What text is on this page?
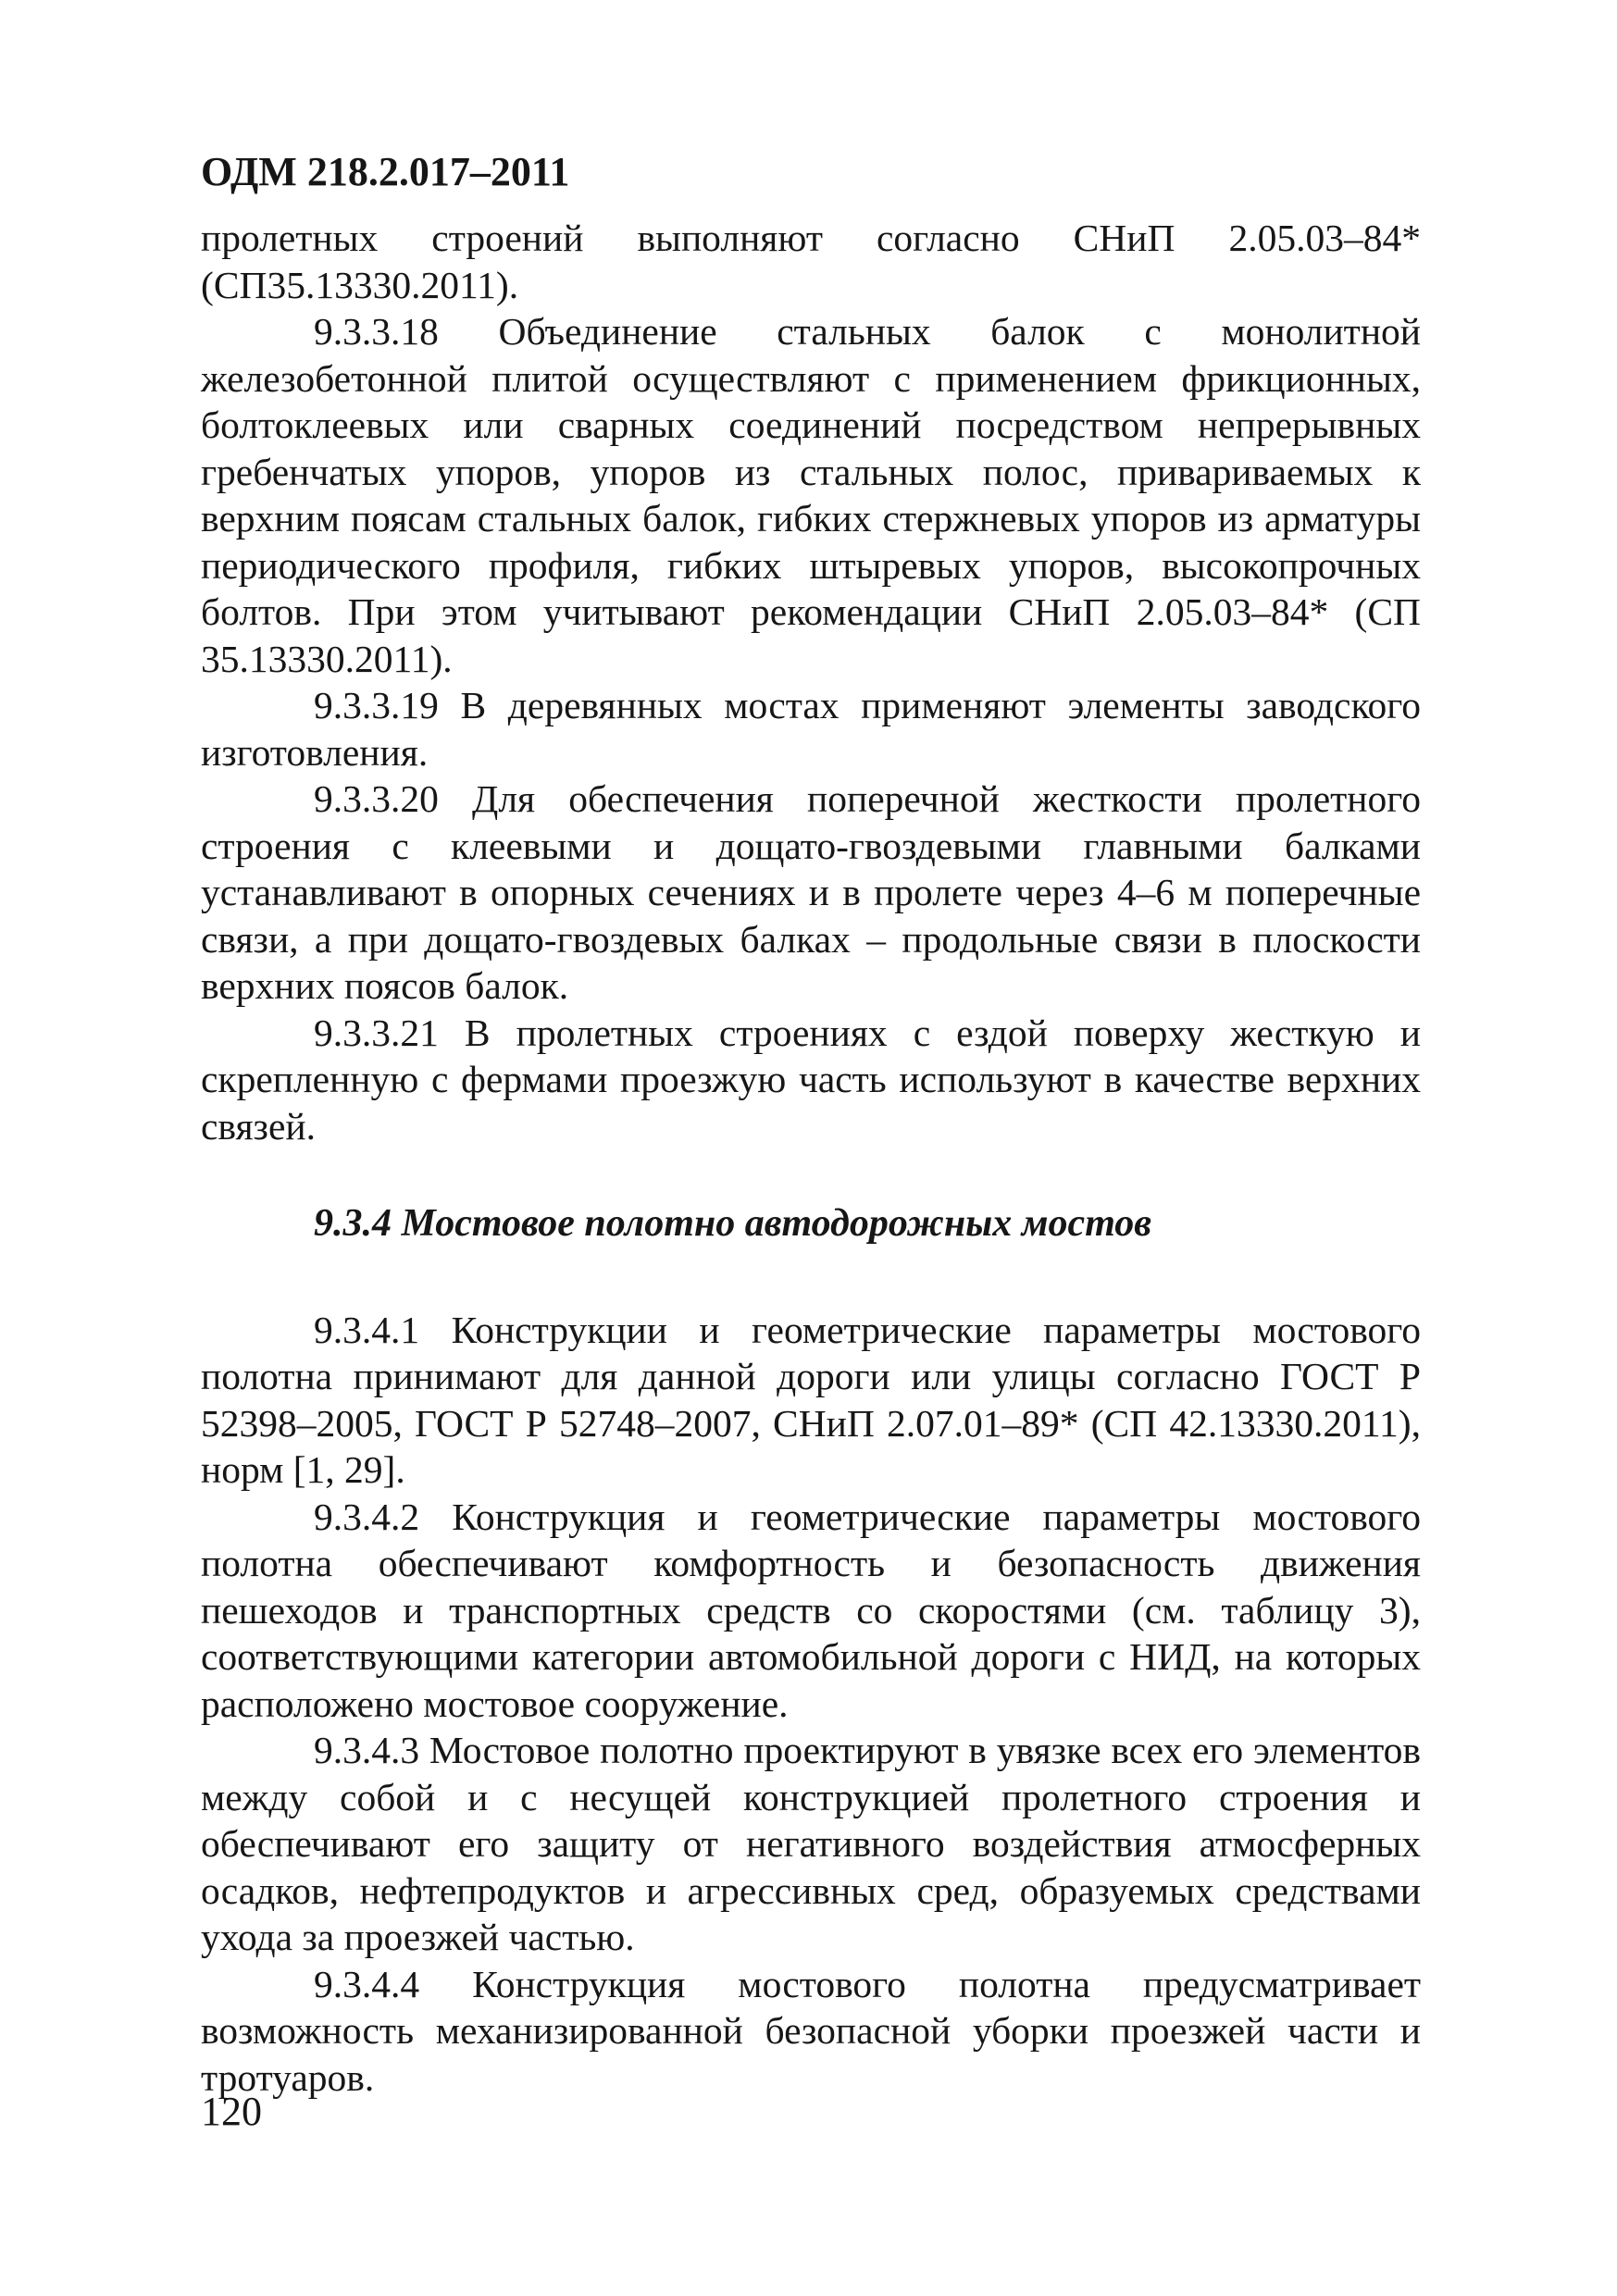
ОДМ 218.2.017–2011

пролетных строений выполняют согласно СНиП 2.05.03–84* (СП35.13330.2011).

9.3.3.18 Объединение стальных балок с монолитной железобетонной плитой осуществляют с применением фрикционных, болтоклеевых или сварных соединений посредством непрерывных гребенчатых упоров, упоров из стальных полос, привариваемых к верхним поясам стальных балок, гибких стержневых упоров из арматуры периодического профиля, гибких штыревых упоров, высокопрочных болтов. При этом учитывают рекомендации СНиП 2.05.03–84* (СП 35.13330.2011).

9.3.3.19 В деревянных мостах применяют элементы заводского изготовления.

9.3.3.20 Для обеспечения поперечной жесткости пролетного строения с клеевыми и дощато-гвоздевыми главными балками устанавливают в опорных сечениях и в пролете через 4–6 м поперечные связи, а при дощато-гвоздевых балках – продольные связи в плоскости верхних поясов балок.

9.3.3.21 В пролетных строениях с ездой поверху жесткую и скрепленную с фермами проезжую часть используют в качестве верхних связей.

9.3.4 Мостовое полотно автодорожных мостов

9.3.4.1 Конструкции и геометрические параметры мостового полотна принимают для данной дороги или улицы согласно ГОСТ Р 52398–2005, ГОСТ Р 52748–2007, СНиП 2.07.01–89* (СП 42.13330.2011), норм [1, 29].

9.3.4.2 Конструкция и геометрические параметры мостового полотна обеспечивают комфортность и безопасность движения пешеходов и транспортных средств со скоростями (см. таблицу 3), соответствующими категории автомобильной дороги с НИД, на которых расположено мостовое сооружение.

9.3.4.3 Мостовое полотно проектируют в увязке всех его элементов между собой и с несущей конструкцией пролетного строения и обеспечивают его защиту от негативного воздействия атмосферных осадков, нефтепродуктов и агрессивных сред, образуемых средствами ухода за проезжей частью.

9.3.4.4 Конструкция мостового полотна предусматривает возможность механизированной безопасной уборки проезжей части и тротуаров.

120
